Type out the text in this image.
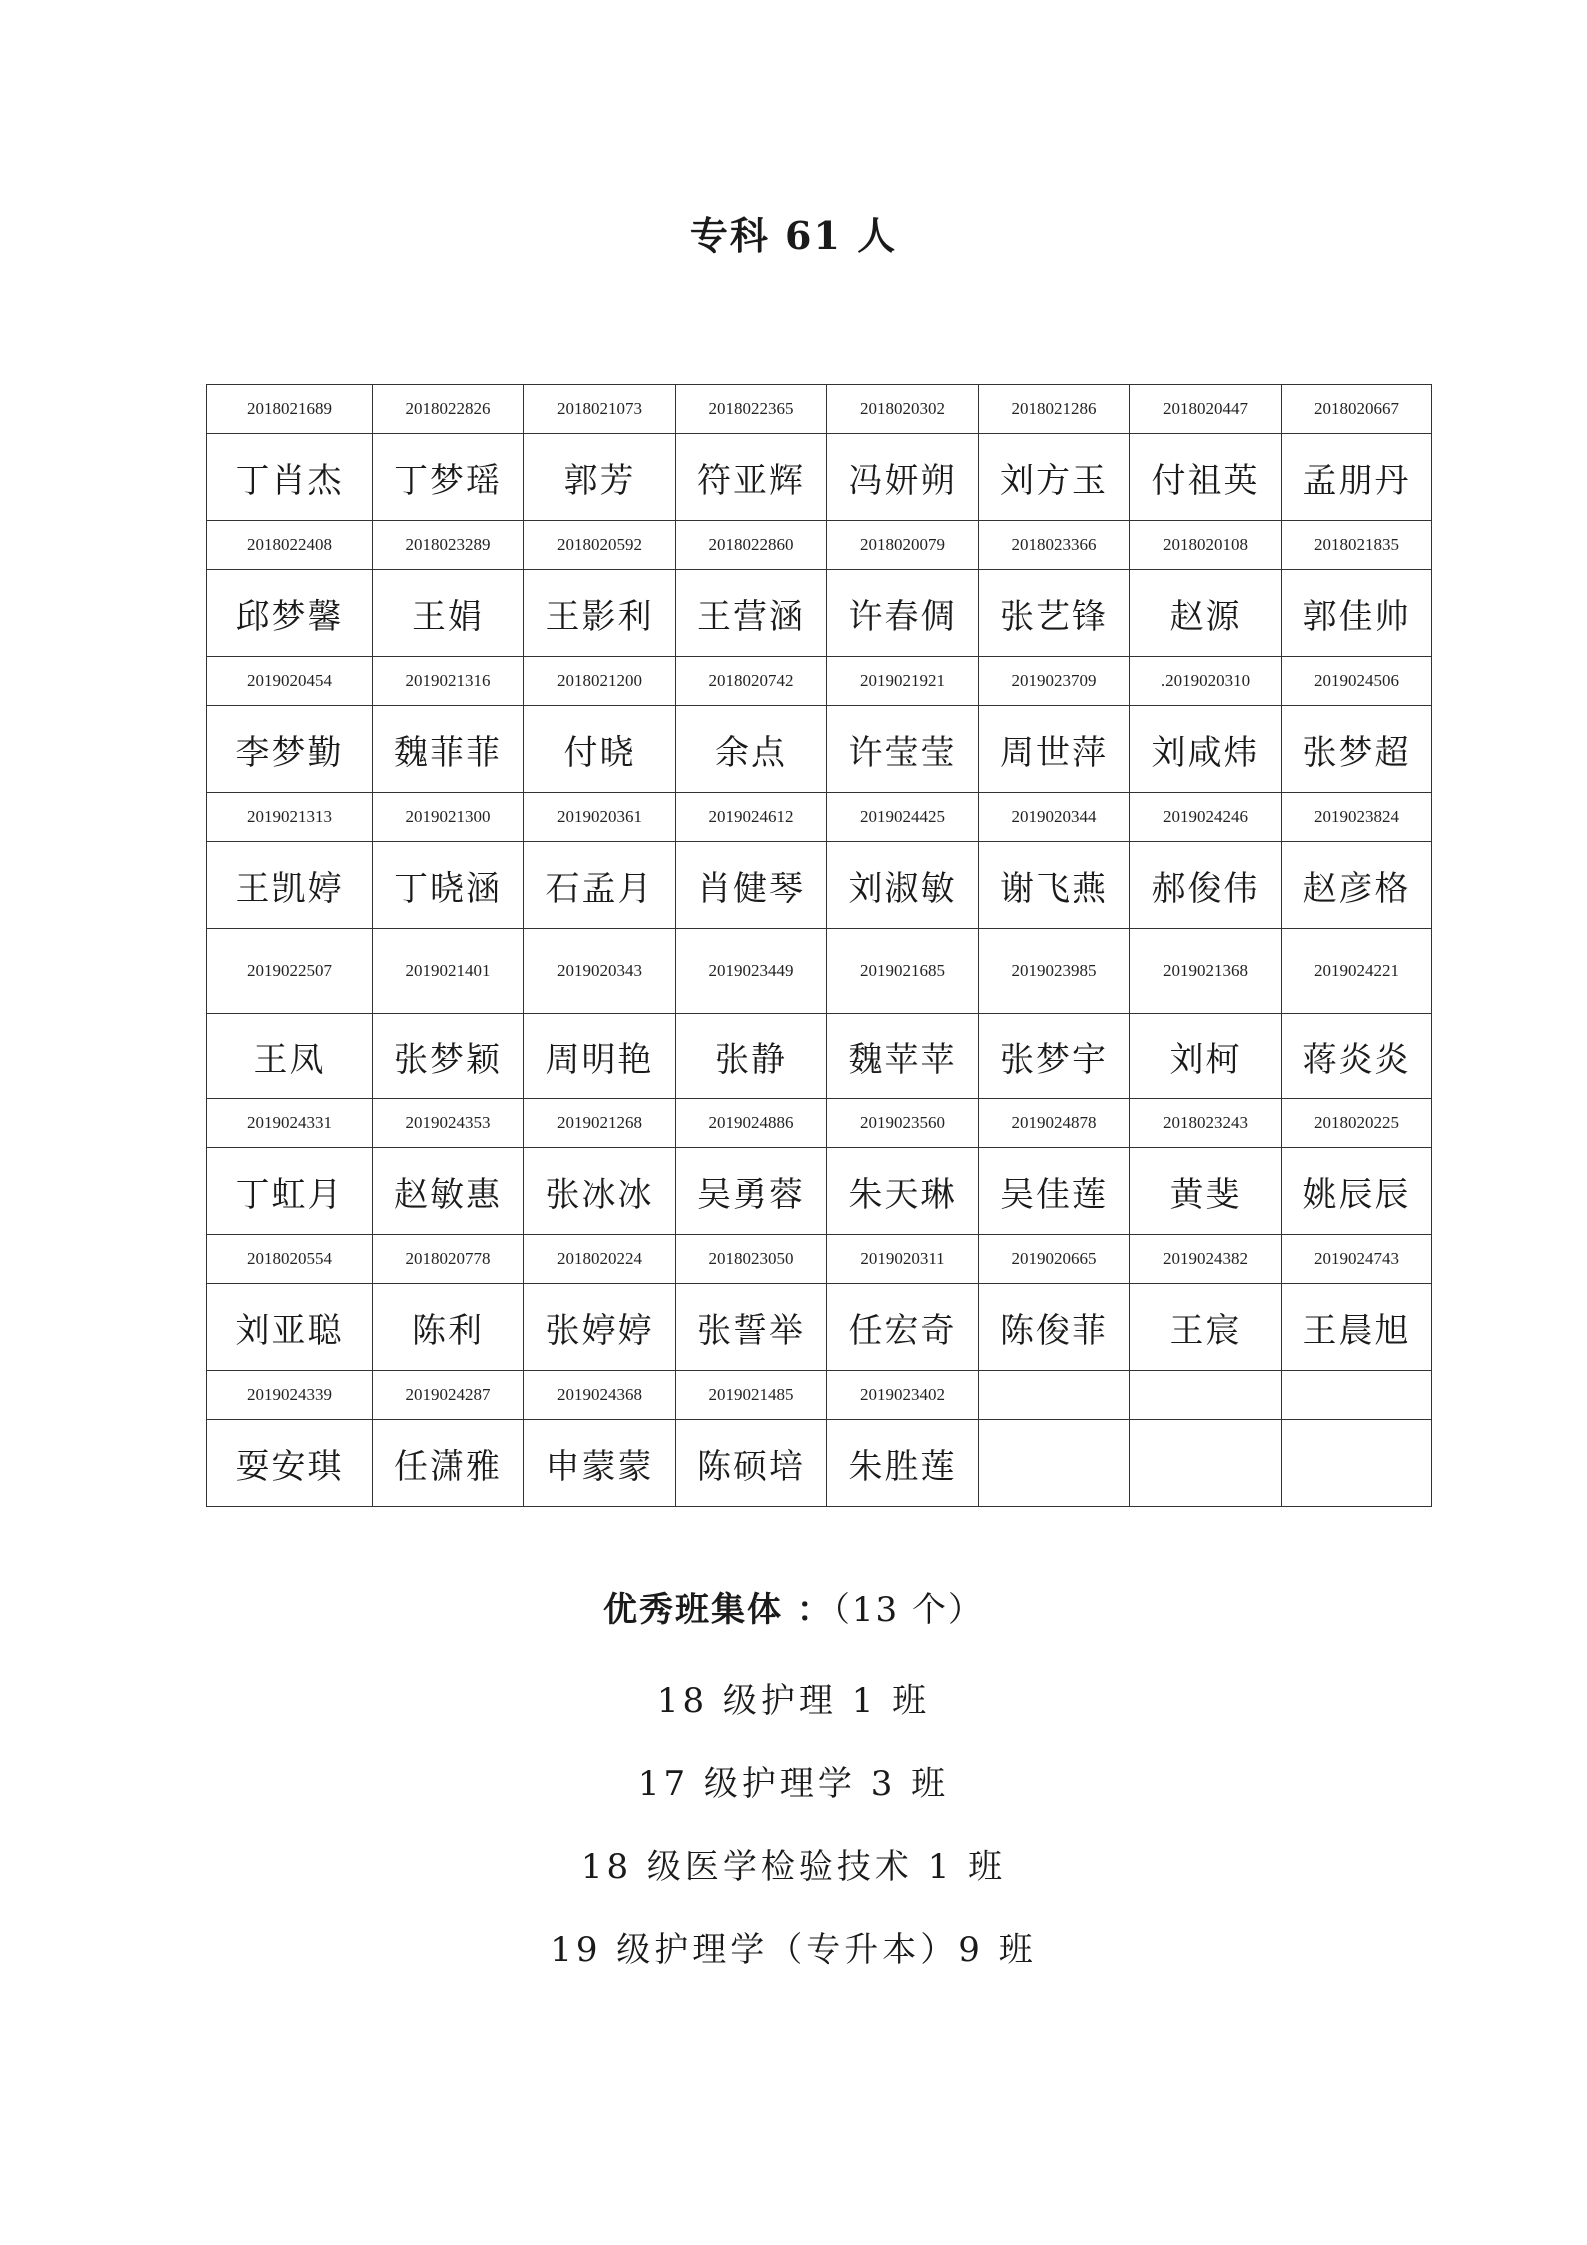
专科 61 人
2018021689	2018022826	2018021073	2018022365	2018020302	2018021286	2018020447	2018020667
丁肖杰	丁梦瑶	郭芳	符亚辉	冯妍朔	刘方玉	付祖英	孟朋丹
2018022408	2018023289	2018020592	2018022860	2018020079	2018023366	2018020108	2018021835
邱梦馨	王娟	王影利	王营涵	许春倜	张艺锋	赵源	郭佳帅
2019020454	2019021316	2018021200	2018020742	2019021921	2019023709	.2019020310	2019024506
李梦勤	魏菲菲	付晓	余点	许莹莹	周世萍	刘咸炜	张梦超
2019021313	2019021300	2019020361	2019024612	2019024425	2019020344	2019024246	2019023824
王凯婷	丁晓涵	石孟月	肖健琴	刘淑敏	谢飞燕	郝俊伟	赵彦格
2019022507	2019021401	2019020343	2019023449	2019021685	2019023985	2019021368	2019024221
王凤	张梦颖	周明艳	张静	魏苹苹	张梦宇	刘柯	蒋炎炎
2019024331	2019024353	2019021268	2019024886	2019023560	2019024878	2018023243	2018020225
丁虹月	赵敏惠	张冰冰	吴勇蓉	朱天琳	吴佳莲	黄斐	姚辰辰
2018020554	2018020778	2018020224	2018023050	2019020311	2019020665	2019024382	2019024743
刘亚聪	陈利	张婷婷	张誓举	任宏奇	陈俊菲	王宸	王晨旭
2019024339	2019024287	2019024368	2019021485	2019023402
耍安琪	任潇雅	申蒙蒙	陈硕培	朱胜莲
优秀班集体 ：（13 个）
18 级护理 1 班
17 级护理学 3 班
18 级医学检验技术 1 班
19 级护理学（专升本）9 班
